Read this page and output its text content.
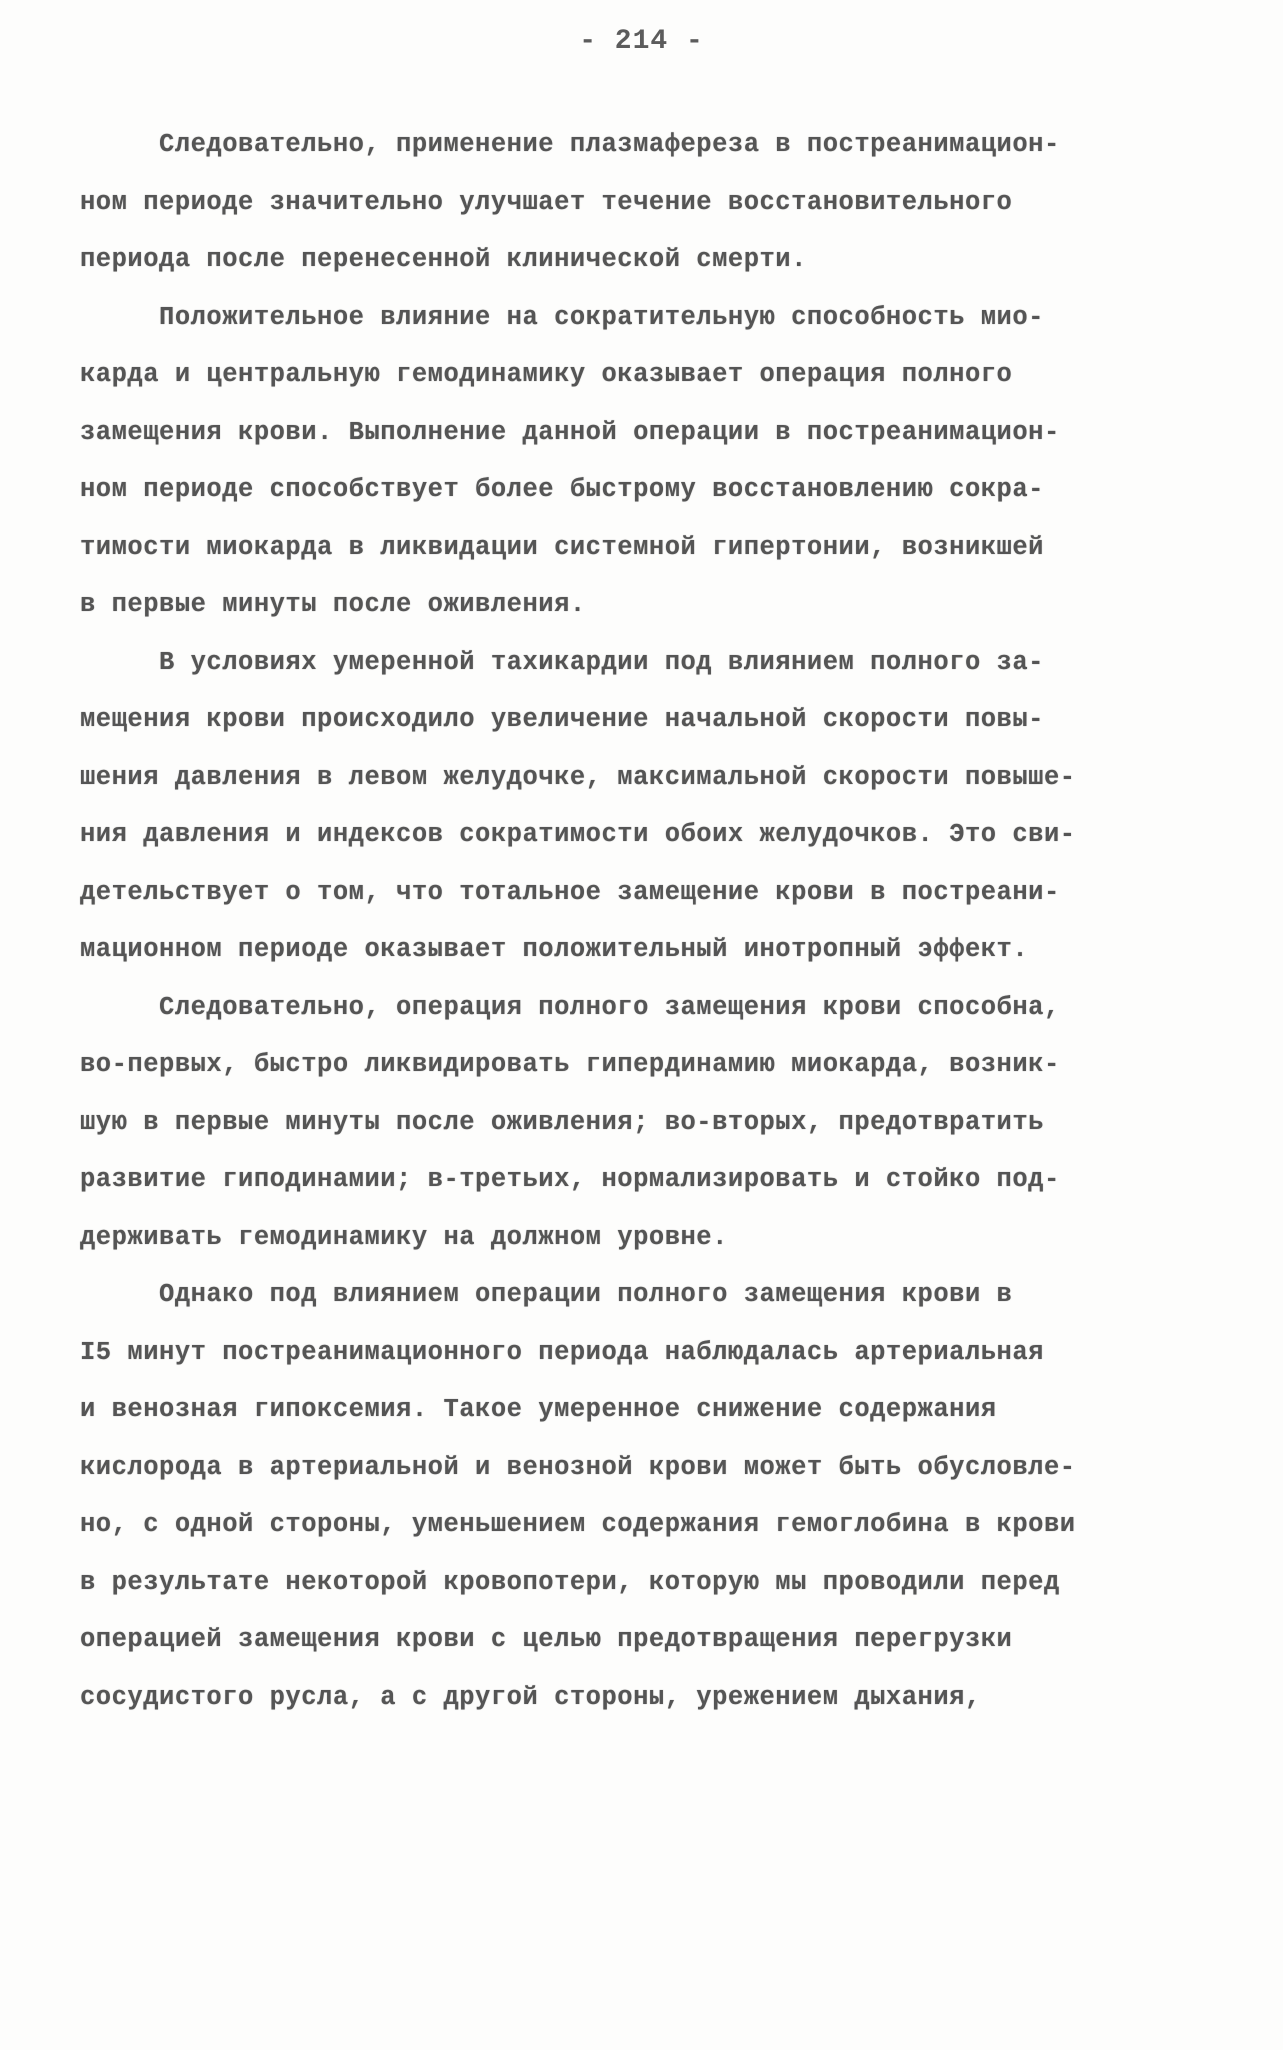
- 214 -
Следовательно, применение плазмафереза в постреанимацион-
ном периоде значительно улучшает течение восстановительного
периода после перенесенной клинической смерти.
Положительное влияние на сократительную способность мио-
карда и центральную гемодинамику оказывает операция полного
замещения крови. Выполнение данной операции в постреанимацион-
ном периоде способствует более быстрому восстановлению сокра-
тимости миокарда в ликвидации системной гипертонии, возникшей
в первые минуты после оживления.
В условиях умеренной тахикардии под влиянием полного за-
мещения крови происходило увеличение начальной скорости повы-
шения давления в левом желудочке, максимальной скорости повыше-
ния давления и индексов сократимости обоих желудочков. Это сви-
детельствует о том, что тотальное замещение крови в постреани-
мационном периоде оказывает положительный инотропный эффект.
Следовательно, операция полного замещения крови способна,
во-первых, быстро ликвидировать гипердинамию миокарда, возник-
шую в первые минуты после оживления; во-вторых, предотвратить
развитие гиподинамии; в-третьих, нормализировать и стойко под-
держивать гемодинамику на должном уровне.
Однако под влиянием операции полного замещения крови в
I5 минут постреанимационного периода наблюдалась артериальная
и венозная гипоксемия. Такое умеренное снижение содержания
кислорода в артериальной и венозной крови может быть обусловле-
но, с одной стороны, уменьшением содержания гемоглобина в крови
в результате некоторой кровопотери, которую мы проводили перед
операцией замещения крови с целью предотвращения перегрузки
сосудистого русла, а с другой стороны, урежением дыхания,
